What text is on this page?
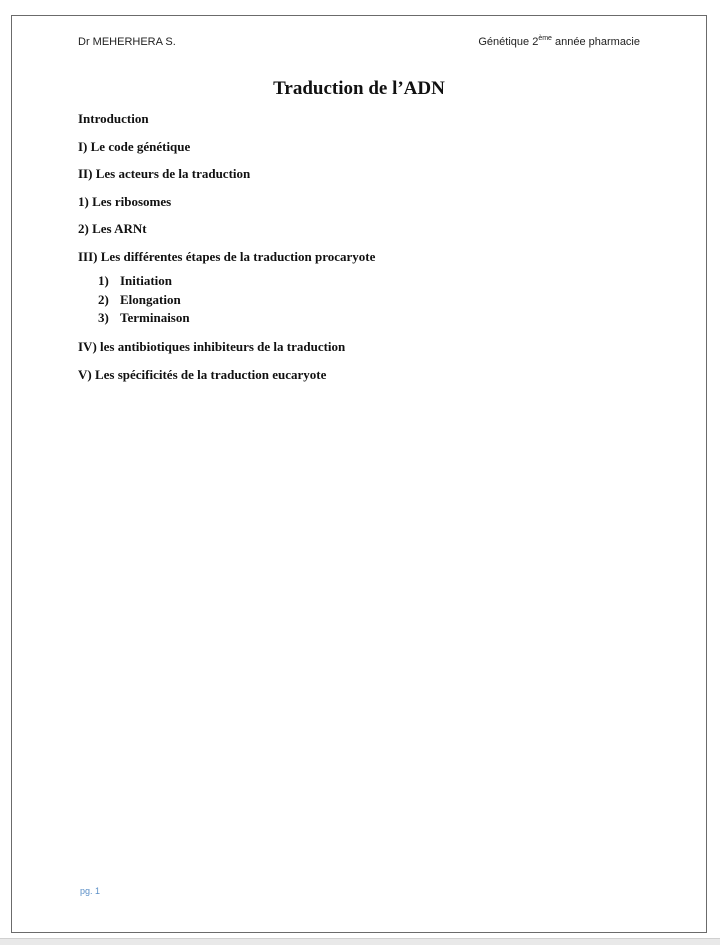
Dr MEHERHERA S.	Génétique 2ème année pharmacie
Traduction de l’ADN
Introduction
I) Le code génétique
II) Les acteurs de la traduction
1) Les ribosomes
2) Les ARNt
III) Les différentes étapes de la traduction procaryote
1) Initiation
2) Elongation
3) Terminaison
IV) les antibiotiques inhibiteurs de la traduction
V) Les spécificités de la traduction eucaryote
pg. 1
